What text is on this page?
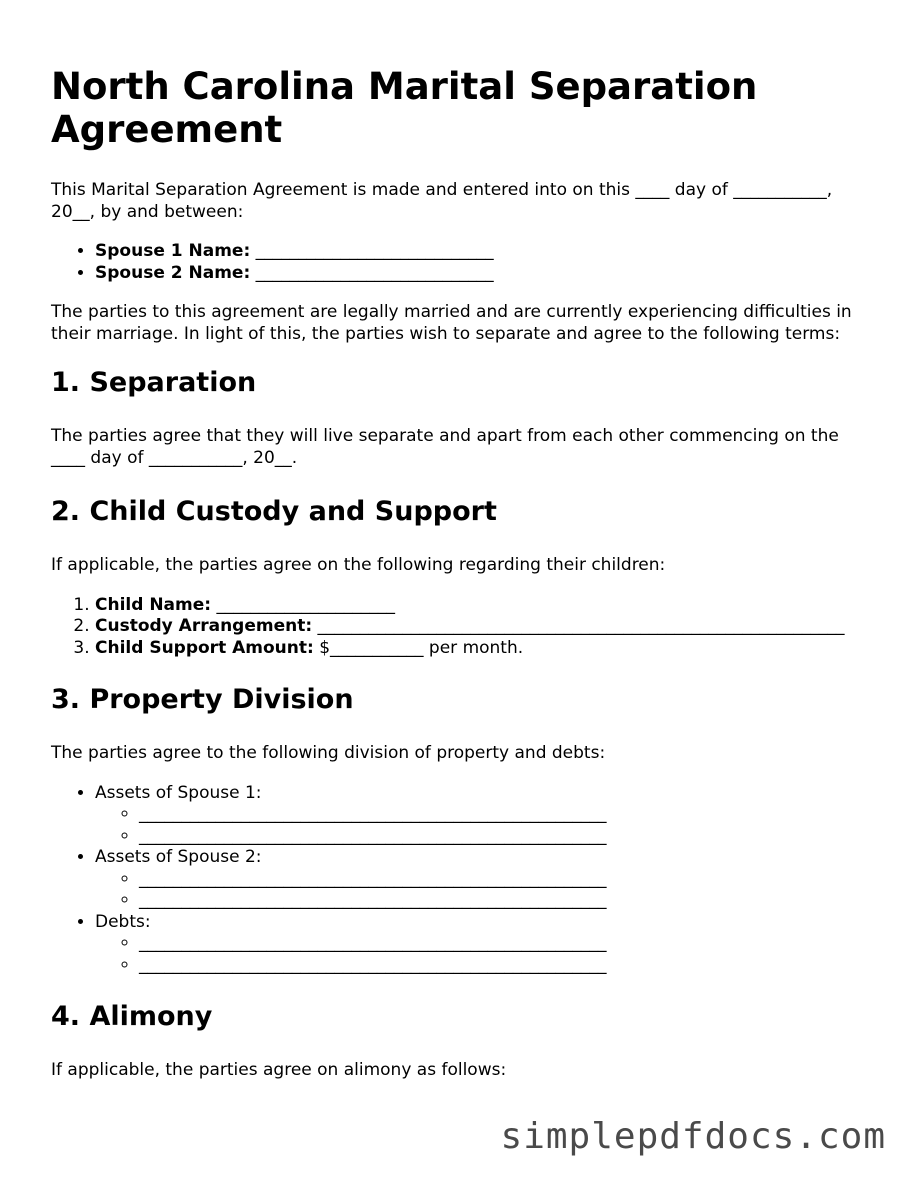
North Carolina Marital Separation Agreement

This Marital Separation Agreement is made and entered into on this ____ day of ___________, 20__, by and between:

• Spouse 1 Name: ____________________________
• Spouse 2 Name: ____________________________

The parties to this agreement are legally married and are currently experiencing difficulties in their marriage. In light of this, the parties wish to separate and agree to the following terms:

1. Separation

The parties agree that they will live separate and apart from each other commencing on the ____ day of ___________, 20__.

2. Child Custody and Support

If applicable, the parties agree on the following regarding their children:

1. Child Name: _____________________
2. Custody Arrangement: ______________________________________________________________
3. Child Support Amount: $___________ per month.
3. Property Division

The parties agree to the following division of property and debts:

• Assets of Spouse 1:
◦ _______________________________________________________
◦ _______________________________________________________
• Assets of Spouse 2:
◦ _______________________________________________________
◦ _______________________________________________________
• Debts:
◦ _______________________________________________________
◦ _______________________________________________________
4. Alimony

If applicable, the parties agree on alimony as follows:

simplepdfdocs.com
